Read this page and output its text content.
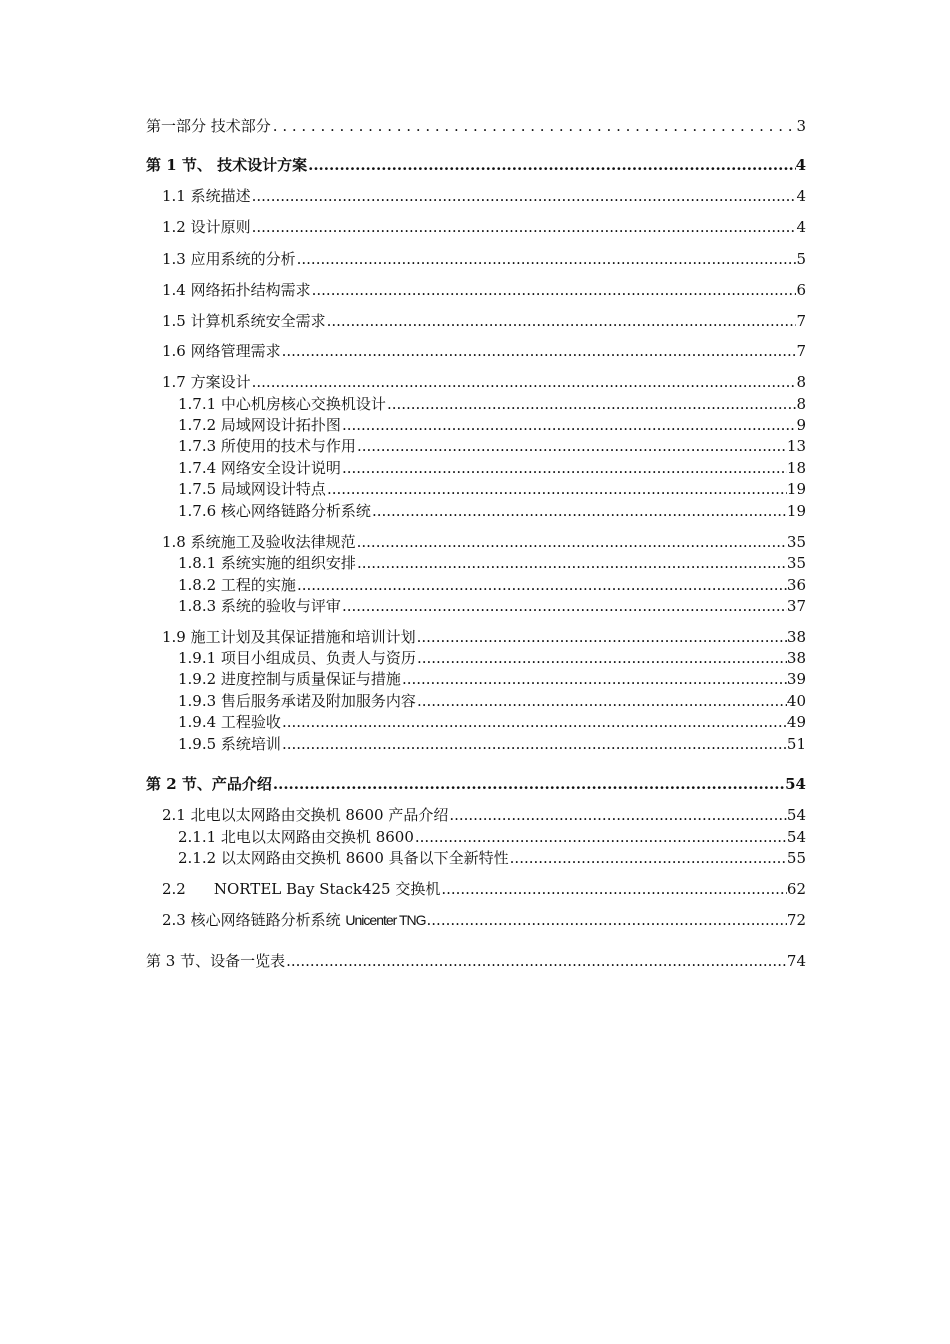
第一部分 技术部分 . . .	3
第 1 节、 技术设计方案 .....	4
1.1 系统描述 .....	4
1.2 设计原则 .....	4
1.3 应用系统的分析 .....	5
1.4 网络拓扑结构需求 .....	6
1.5 计算机系统安全需求 .....	7
1.6 网络管理需求 .....	7
1.7 方案设计 .....	8
1.7.1 中心机房核心交换机设计 .....	8
1.7.2 局域网设计拓扑图 .....	9
1.7.3 所使用的技术与作用 .....	13
1.7.4 网络安全设计说明 .....	18
1.7.5 局域网设计特点 .....	19
1.7.6 核心网络链路分析系统 .....	19
1.8 系统施工及验收法律规范 .....	35
1.8.1 系统实施的组织安排 .....	35
1.8.2 工程的实施 .....	36
1.8.3 系统的验收与评审 .....	37
1.9 施工计划及其保证措施和培训计划 .....	38
1.9.1 项目小组成员、负责人与资历 .....	38
1.9.2 进度控制与质量保证与措施 .....	39
1.9.3 售后服务承诺及附加服务内容 .....	40
1.9.4 工程验收 .....	49
1.9.5 系统培训 .....	51
第 2 节、产品介绍 .....	54
2.1 北电以太网路由交换机 8600 产品介绍 .....	54
2.1.1 北电以太网路由交换机 8600 .....	54
2.1.2 以太网路由交换机 8600 具备以下全新特性 .....	55
2.2 NORTEL Bay Stack425 交换机 .....	62
2.3 核心网络链路分析系统 Unicenter TNG .....	72
第 3 节、设备一览表 .....	74
